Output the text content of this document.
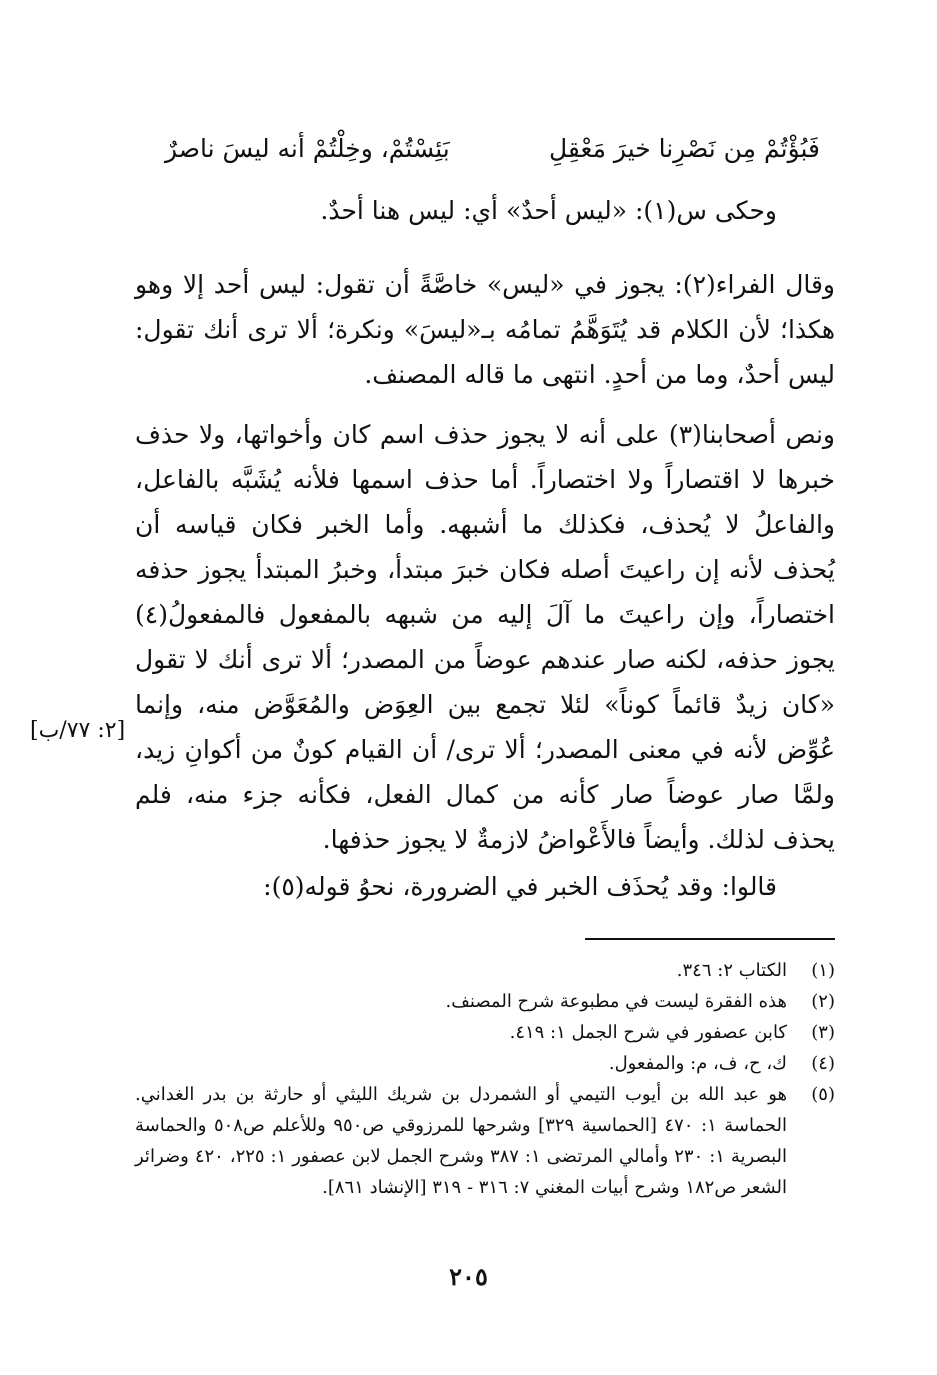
فَبُؤْتُمْ مِن نَصْرِنا خيرَ مَعْقِلِ
بَئِسْتُمْ، وخِلْتُمْ أنه ليسَ ناصرٌ
وحكى س(١): «ليس أحدٌ» أي: ليس هنا أحدٌ.

وقال الفراء(٢): يجوز في «ليس» خاصَّةً أن تقول: ليس أحد إلا وهو هكذا؛ لأن الكلام قد يُتَوَهَّمُ تمامُه بـ«ليسَ» ونكرة؛ ألا ترى أنك تقول: ليس أحدٌ، وما من أحدٍ. انتهى ما قاله المصنف.

ونص أصحابنا(٣) على أنه لا يجوز حذف اسم كان وأخواتها، ولا حذف خبرها لا اقتصاراً ولا اختصاراً. أما حذف اسمها فلأنه يُشَبَّه بالفاعل، والفاعلُ لا يُحذف، فكذلك ما أشبهه. وأما الخبر فكان قياسه أن يُحذف لأنه إن راعيتَ أصله فكان خبرَ مبتدأ، وخبرُ المبتدأ يجوز حذفه اختصاراً، وإن راعيتَ ما آلَ إليه من شبهه بالمفعول فالمفعولُ(٤) يجوز حذفه، لكنه صار عندهم عوضاً من المصدر؛ ألا ترى أنك لا تقول «كان زيدٌ قائماً كوناً» لئلا تجمع بين العِوَض والمُعَوَّض منه، وإنما عُوِّض لأنه في معنى المصدر؛ ألا ترى/ أن القيام كونٌ من أكوانِ زيد، ولمَّا صار عوضاً صار كأنه من كمال الفعل، فكأنه جزء منه، فلم يحذف لذلك. وأيضاً فالأَعْواضُ لازمةٌ لا يجوز حذفها.

[٢: ٧٧/ب]
قالوا: وقد يُحذَف الخبر في الضرورة، نحوُ قوله(٥):
(١)
الكتاب ٢: ٣٤٦.
(٢)
هذه الفقرة ليست في مطبوعة شرح المصنف.
(٣)
كابن عصفور في شرح الجمل ١: ٤١٩.
(٤)
ك، ح، ف، م: والمفعول.
(٥)
هو عبد الله بن أيوب التيمي أو الشمردل بن شريك الليثي أو حارثة بن بدر الغداني. الحماسة ١: ٤٧٠ [الحماسية ٣٢٩] وشرحها للمرزوقي ص٩٥٠ وللأعلم ص٥٠٨ والحماسة البصرية ١: ٢٣٠ وأمالي المرتضى ١: ٣٨٧ وشرح الجمل لابن عصفور ١: ٢٢٥، ٤٢٠ وضرائر الشعر ص١٨٢ وشرح أبيات المغني ٧: ٣١٦ - ٣١٩ [الإنشاد ٨٦١].
٢٠٥
